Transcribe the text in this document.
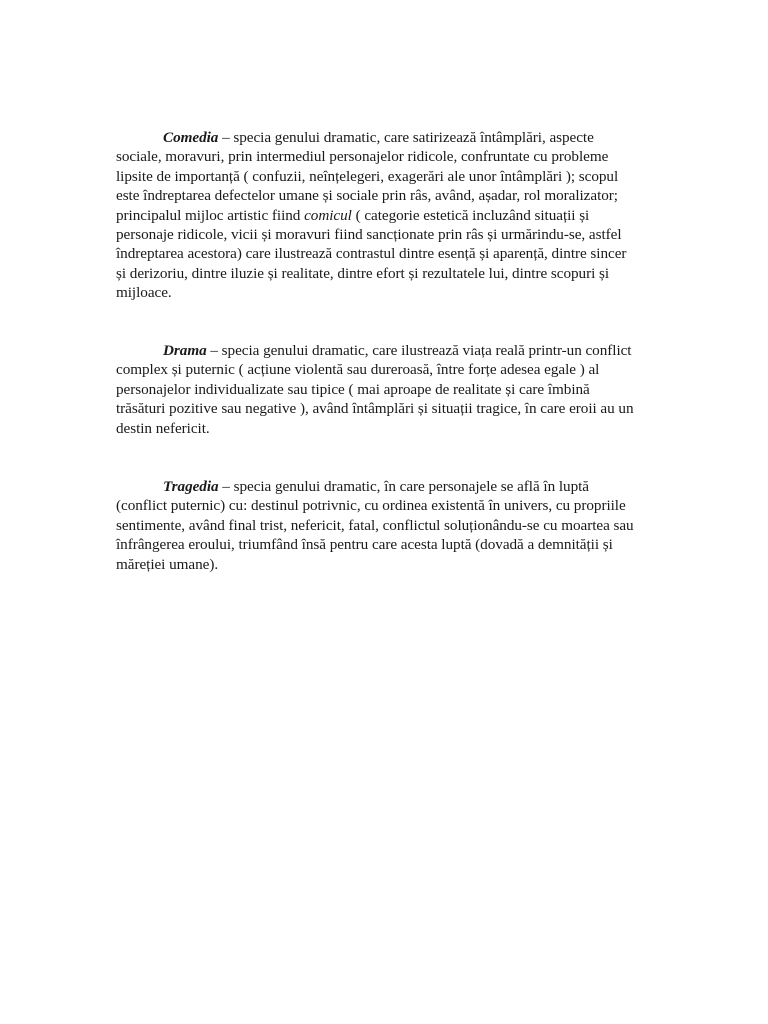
Comedia – specia genului dramatic, care satirizează întâmplări, aspecte sociale, moravuri, prin intermediul personajelor ridicole, confruntate cu probleme lipsite de importanță ( confuzii, neînțelegeri, exagerări ale unor întâmplări ); scopul este îndreptarea defectelor umane și sociale prin râs, având, așadar, rol moralizator; principalul mijloc artistic fiind comicul ( categorie estetică incluzând situații și personaje ridicole, vicii și moravuri fiind sancționate prin râs și urmărindu-se, astfel îndreptarea acestora) care ilustrează contrastul dintre esență și aparență, dintre sincer și derizoriu, dintre iluzie și realitate, dintre efort și rezultatele lui, dintre scopuri și mijloace.

Drama – specia genului dramatic, care ilustrează viața reală printr-un conflict complex și puternic ( acțiune violentă sau dureroasă, între forțe adesea egale ) al personajelor individualizate sau tipice ( mai aproape de realitate și care îmbină trăsături pozitive sau negative ), având întâmplări și situații tragice, în care eroii au un destin nefericit.

Tragedia – specia genului dramatic, în care personajele se află în luptă (conflict puternic) cu: destinul potrivnic, cu ordinea existentă în univers, cu propriile sentimente, având final trist, nefericit, fatal, conflictul soluționându-se cu moartea sau înfrângerea eroului, triumfând însă pentru care acesta luptă (dovadă a demnității și măreției umane).
